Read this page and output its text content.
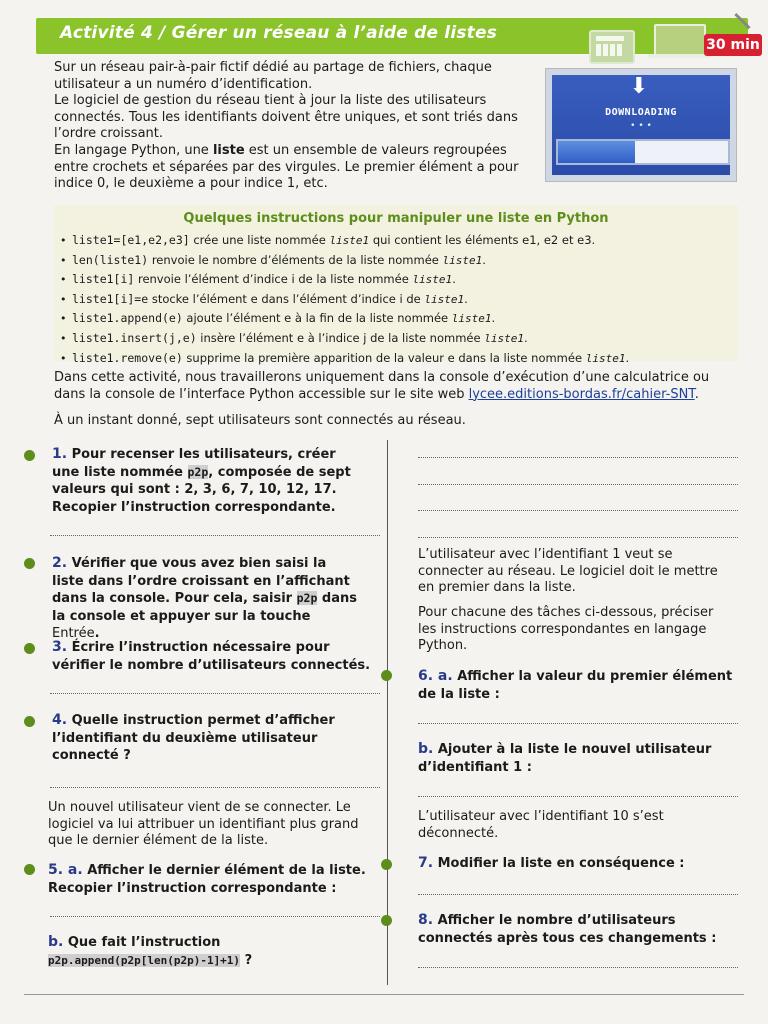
Activité 4 / Gérer un réseau à l’aide de listes
30 min

Sur un réseau pair-à-pair fictif dédié au partage de fichiers, chaque utilisateur a un numéro d’identification.

Le logiciel de gestion du réseau tient à jour la liste des utilisateurs connectés. Tous les identifiants doivent être uniques, et sont triés dans l’ordre croissant.

En langage Python, une liste est un ensemble de valeurs regroupées entre crochets et séparées par des virgules. Le premier élément a pour indice 0, le deuxième a pour indice 1, etc.

⬇
DOWNLOADING
• • •
Quelques instructions pour manipuler une liste en Python
• liste1=[e1,e2,e3] crée une liste nommée liste1 qui contient les éléments e1, e2 et e3.
• len(liste1) renvoie le nombre d’éléments de la liste nommée liste1.
• liste1[i] renvoie l’élément d’indice i de la liste nommée liste1.
• liste1[i]=e stocke l’élément e dans l’élément d’indice i de liste1.
• liste1.append(e) ajoute l’élément e à la fin de la liste nommée liste1.
• liste1.insert(j,e) insère l’élément e à l’indice j de la liste nommée liste1.
• liste1.remove(e) supprime la première apparition de la valeur e dans la liste nommée liste1.

Dans cette activité, nous travaillerons uniquement dans la console d’exécution d’une calculatrice ou dans la console de l’interface Python accessible sur le site web lycee.editions-bordas.fr/cahier-SNT.

À un instant donné, sept utilisateurs sont connectés au réseau.

1. Pour recenser les utilisateurs, créer une liste nommée p2p, composée de sept valeurs qui sont : 2, 3, 6, 7, 10, 12, 17. Recopier l’instruction correspondante.
2. Vérifier que vous avez bien saisi la liste dans l’ordre croissant en l’affichant dans la console. Pour cela, saisir p2p dans la console et appuyer sur la touche Entrée.
3. Écrire l’instruction nécessaire pour vérifier le nombre d’utilisateurs connectés.
4. Quelle instruction permet d’afficher l’identifiant du deuxième utilisateur connecté ?
Un nouvel utilisateur vient de se connecter. Le logiciel va lui attribuer un identifiant plus grand que le dernier élément de la liste.
5. a. Afficher le dernier élément de la liste. Recopier l’instruction correspondante :
b. Que fait l’instruction
p2p.append(p2p[len(p2p)-1]+1) ?
L’utilisateur avec l’identifiant 1 veut se connecter au réseau. Le logiciel doit le mettre en premier dans la liste.
Pour chacune des tâches ci-dessous, préciser les instructions correspondantes en langage Python.
6. a. Afficher la valeur du premier élément de la liste :
b. Ajouter à la liste le nouvel utilisateur d’identifiant 1 :
L’utilisateur avec l’identifiant 10 s’est déconnecté.
7. Modifier la liste en conséquence :
8. Afficher le nombre d’utilisateurs connectés après tous ces changements :
